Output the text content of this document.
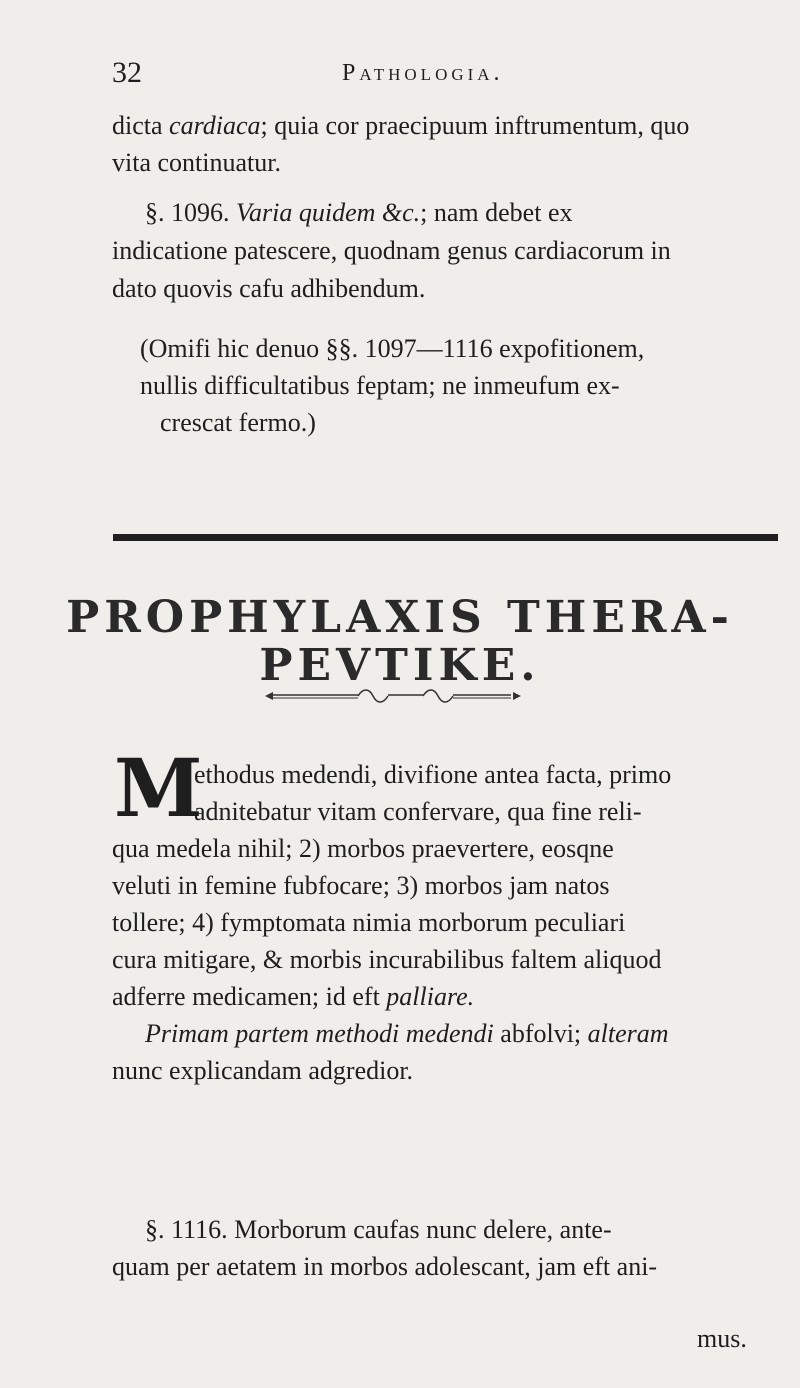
32	Pathologia.
dicta cardiaca; quia cor praecipuum inftrumentum, quo
vita continuatur.
§. 1096. Varia quidem &c.; nam debet ex
indicatione patescere, quodnam genus cardiacorum in
dato quovis cafu adhibendum.
(Omifi hic denuo §§. 1097—1116 expofitionem,
nullis difficultatibus feptam; ne inmeufum ex-
crescat fermo.)
PROPHYLAXIS THERA-
PEVTIKE.
M
ethodus medendi, divifione antea facta, primo
adnitebatur vitam confervare, qua fine reli-
qua medela nihil; 2) morbos praevertere, eosqne
veluti in femine fubfocare; 3) morbos jam natos
tollere; 4) fymptomata nimia morborum peculiari
cura mitigare, & morbis incurabilibus faltem aliquod
adferre medicamen; id eft palliare.
Primam partem methodi medendi abfolvi; alteram
nunc explicandam adgredior.
§. 1116. Morborum caufas nunc delere, ante-
quam per aetatem in morbos adolescant, jam eft ani-
mus.
